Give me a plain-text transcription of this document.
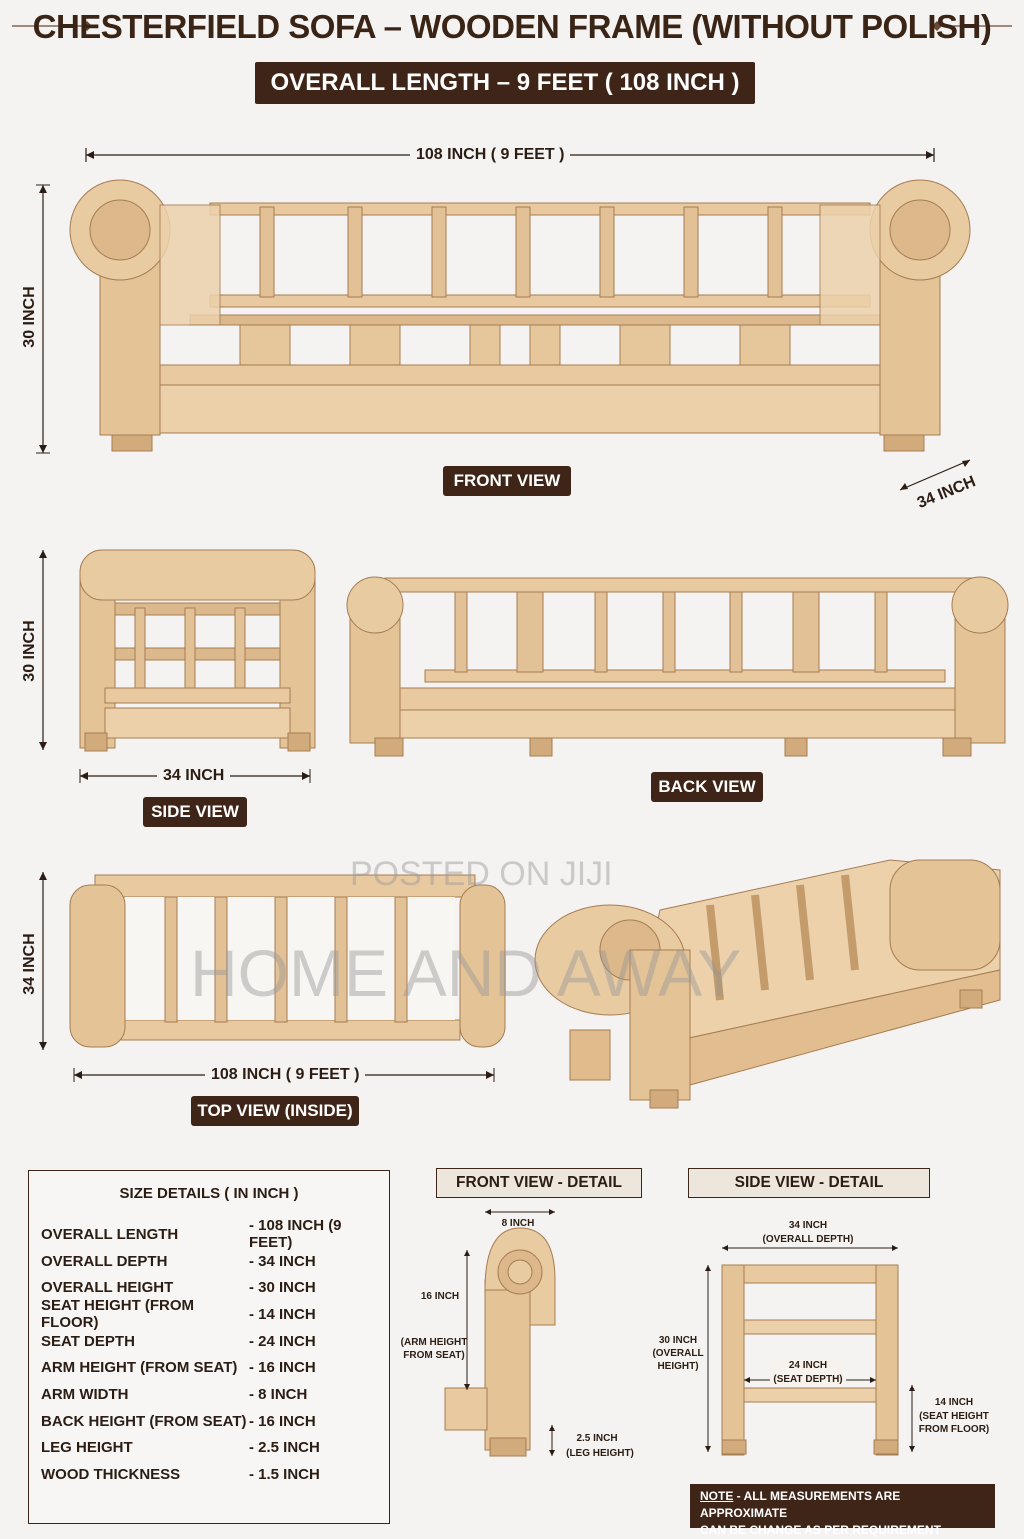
CHESTERFIELD SOFA – WOODEN FRAME (WITHOUT POLISH)
OVERALL LENGTH – 9 FEET ( 108 INCH )
108 INCH ( 9 FEET )
30 INCH
FRONT VIEW	34 INCH
30 INCH
34 INCH
SIDE VIEW
BACK VIEW
34 INCH
108 INCH ( 9 FEET )
TOP VIEW (INSIDE)
POSTED ON JIJI
HOME AND AWAY
SIZE DETAILS ( IN INCH )
OVERALL LENGTH	- 108 INCH (9 FEET)
OVERALL DEPTH	- 34 INCH
OVERALL HEIGHT	- 30 INCH
SEAT HEIGHT (FROM FLOOR)	- 14 INCH
SEAT DEPTH	- 24 INCH
ARM HEIGHT (FROM SEAT) - 16 INCH
ARM WIDTH	- 8 INCH
BACK HEIGHT (FROM SEAT) - 16 INCH
LEG HEIGHT	- 2.5 INCH
WOOD THICKNESS	- 1.5 INCH
FRONT VIEW - DETAIL
8 INCH
16 INCH
(ARM HEIGHT
FROM SEAT)
2.5 INCH
(LEG HEIGHT)
SIDE VIEW - DETAIL
34 INCH
(OVERALL DEPTH)
30 INCH
(OVERALL
HEIGHT)	24 INCH
(SEAT DEPTH)
14 INCH
(SEAT HEIGHT
FROM FLOOR)
NOTE - ALL MEASUREMENTS ARE APPROXIMATE
CAN BE CHANGE AS PER REQUIREMENT
